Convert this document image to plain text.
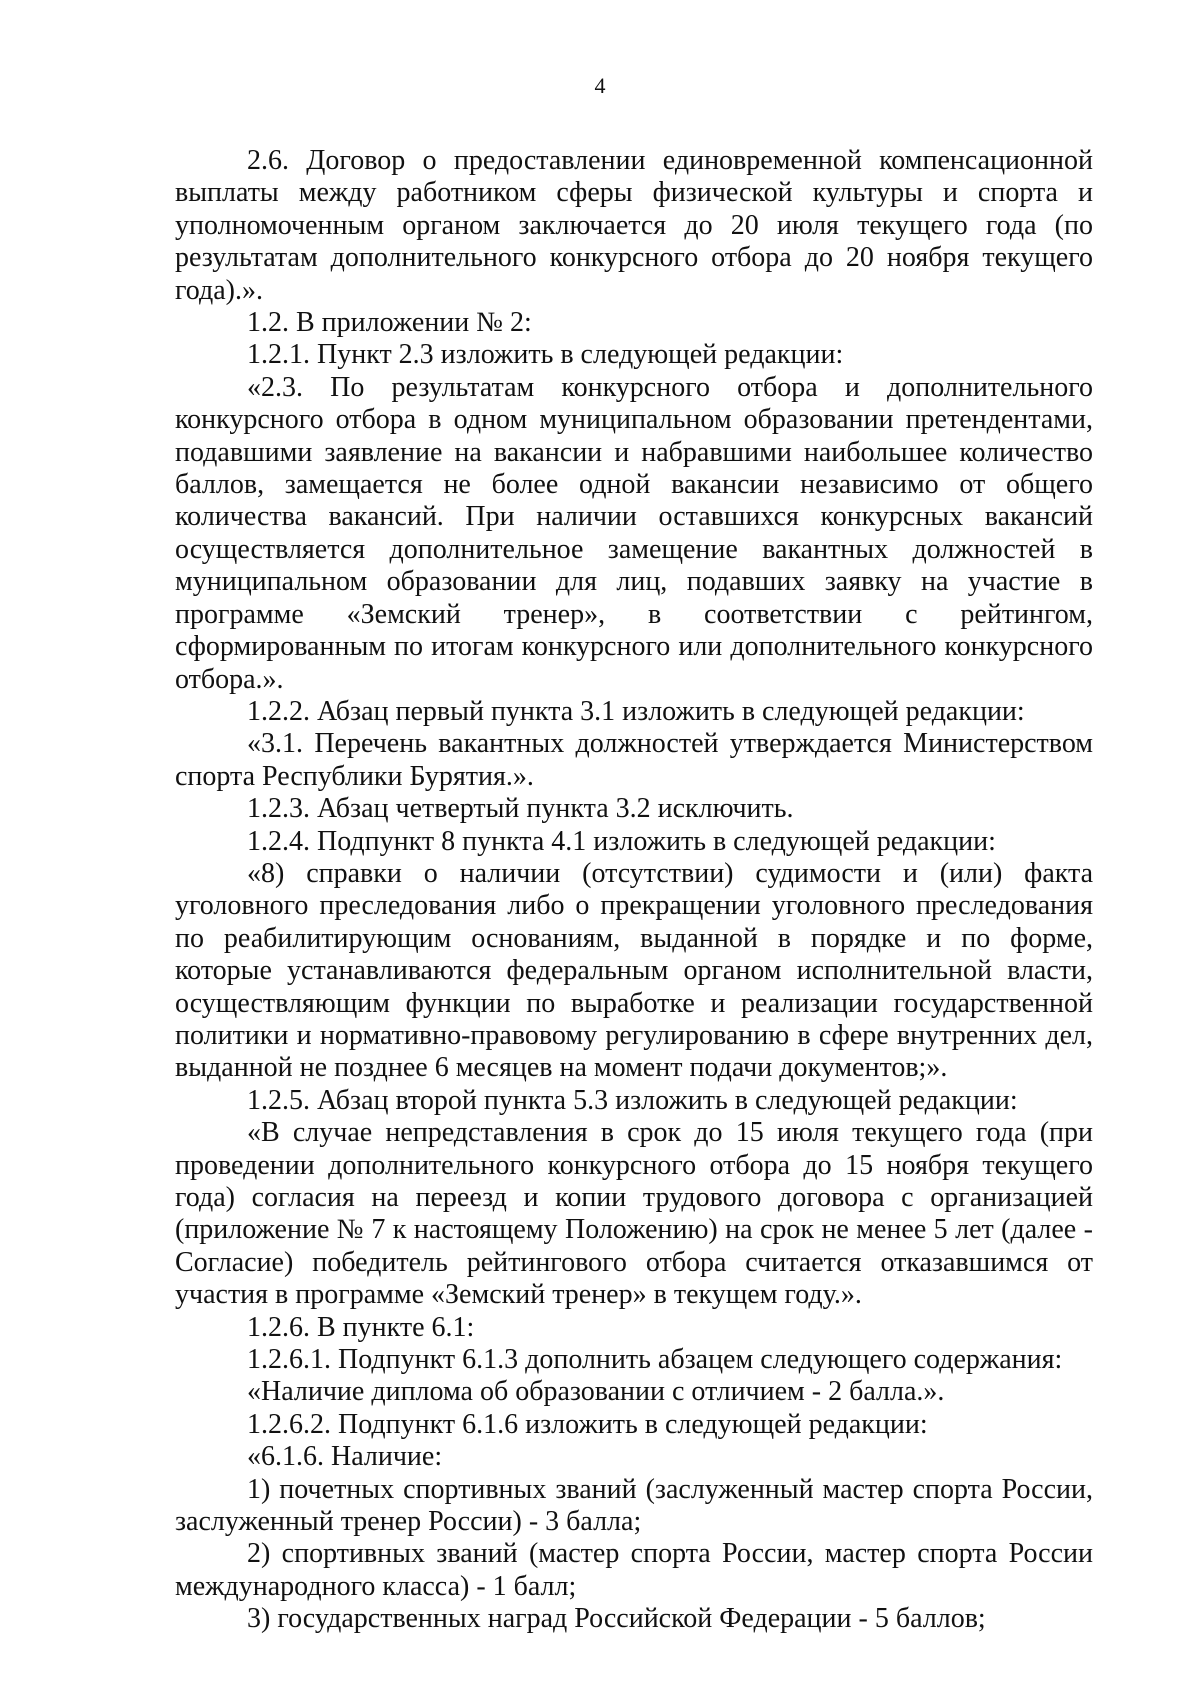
4

2.6. Договор о предоставлении единовременной компенсационной выплаты между работником сферы физической культуры и спорта и уполномоченным органом заключается до 20 июля текущего года (по результатам дополнительного конкурсного отбора до 20 ноября текущего года).».

1.2. В приложении № 2:

1.2.1. Пункт 2.3 изложить в следующей редакции:

«2.3. По результатам конкурсного отбора и дополнительного конкурсного отбора в одном муниципальном образовании претендентами, подавшими заявление на вакансии и набравшими наибольшее количество баллов, замещается не более одной вакансии независимо от общего количества вакансий. При наличии оставшихся конкурсных вакансий осуществляется дополнительное замещение вакантных должностей в муниципальном образовании для лиц, подавших заявку на участие в программе «Земский тренер», в соответствии с рейтингом, сформированным по итогам конкурсного или дополнительного конкурсного отбора.».

1.2.2. Абзац первый пункта 3.1 изложить в следующей редакции:

«3.1. Перечень вакантных должностей утверждается Министерством спорта Республики Бурятия.».

1.2.3. Абзац четвертый пункта 3.2 исключить.

1.2.4. Подпункт 8 пункта 4.1 изложить в следующей редакции:

«8) справки о наличии (отсутствии) судимости и (или) факта уголовного преследования либо о прекращении уголовного преследования по реабилитирующим основаниям, выданной в порядке и по форме, которые устанавливаются федеральным органом исполнительной власти, осуществляющим функции по выработке и реализации государственной политики и нормативно-правовому регулированию в сфере внутренних дел, выданной не позднее 6 месяцев на момент подачи документов;».

1.2.5. Абзац второй пункта 5.3 изложить в следующей редакции:

«В случае непредставления в срок до 15 июля текущего года (при проведении дополнительного конкурсного отбора до 15 ноября текущего года) согласия на переезд и копии трудового договора с организацией (приложение № 7 к настоящему Положению) на срок не менее 5 лет (далее - Согласие) победитель рейтингового отбора считается отказавшимся от участия в программе «Земский тренер» в текущем году.».

1.2.6. В пункте 6.1:

1.2.6.1. Подпункт 6.1.3 дополнить абзацем следующего содержания:

«Наличие диплома об образовании с отличием - 2 балла.».

1.2.6.2. Подпункт 6.1.6 изложить в следующей редакции:

«6.1.6. Наличие:

1) почетных спортивных званий (заслуженный мастер спорта России, заслуженный тренер России) - 3 балла;

2) спортивных званий (мастер спорта России, мастер спорта России международного класса) - 1 балл;

3) государственных наград Российской Федерации - 5 баллов;
